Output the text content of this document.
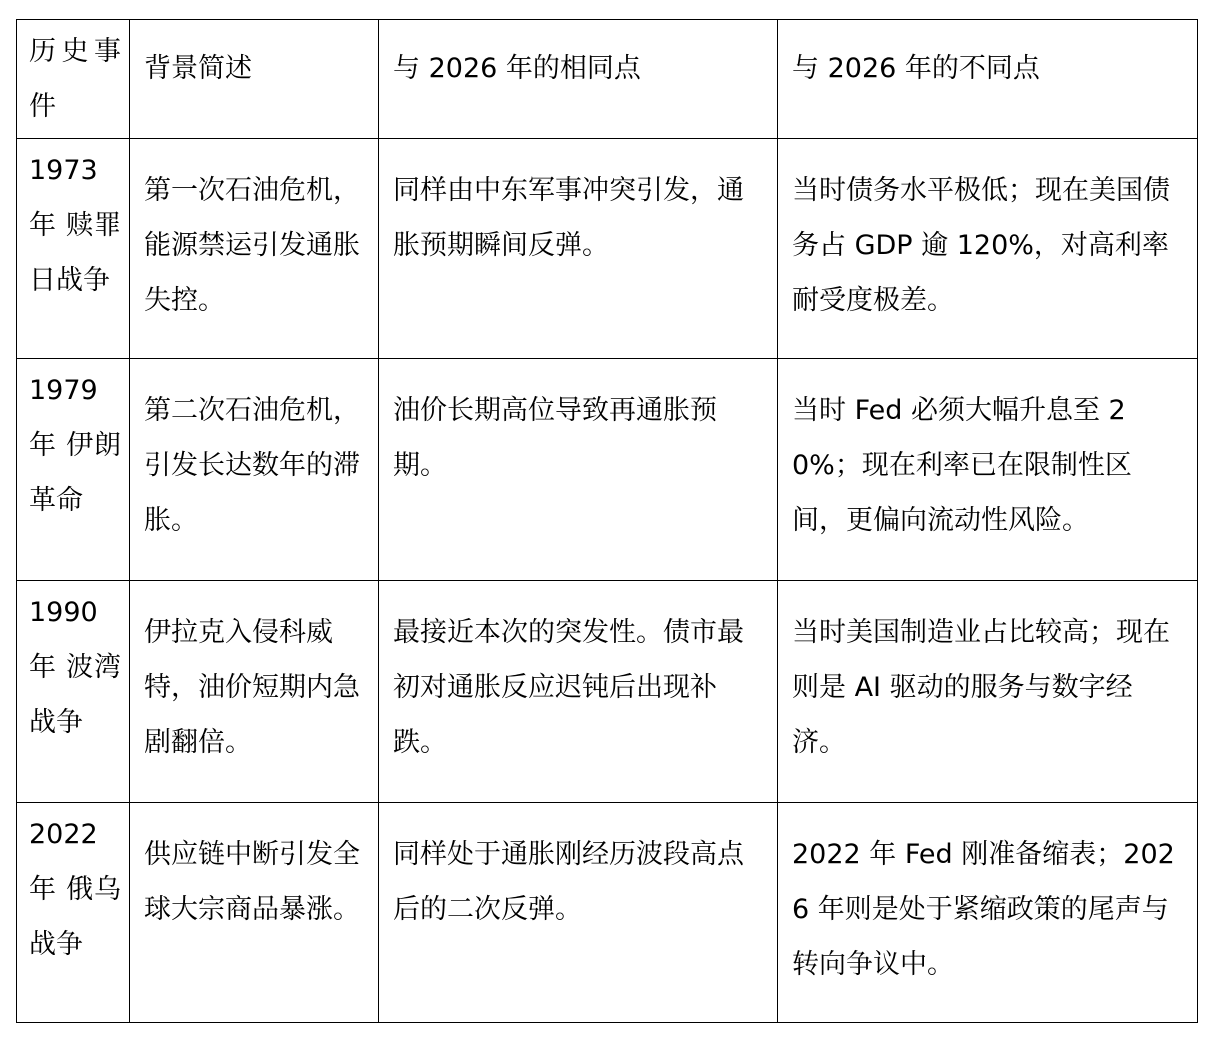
历史事件	背景简述	与 2026 年的相同点	与 2026 年的不同点
1973 年 赎罪日战争	第一次石油危机，能源禁运引发通胀失控。	同样由中东军事冲突引发，通胀预期瞬间反弹。	当时债务水平极低；现在美国债务占 GDP 逾 120%，对高利率耐受度极差。
1979 年 伊朗革命	第二次石油危机，引发长达数年的滞胀。	油价长期高位导致再通胀预期。	当时 Fed 必须大幅升息至 20%；现在利率已在限制性区间，更偏向流动性风险。
1990 年 波湾战争	伊拉克入侵科威特，油价短期内急剧翻倍。	最接近本次的突发性。债市最初对通胀反应迟钝后出现补跌。	当时美国制造业占比较高；现在则是 AI 驱动的服务与数字经济。
2022 年 俄乌战争	供应链中断引发全球大宗商品暴涨。	同样处于通胀刚经历波段高点后的二次反弹。	2022 年 Fed 刚准备缩表；2026 年则是处于紧缩政策的尾声与转向争议中。
